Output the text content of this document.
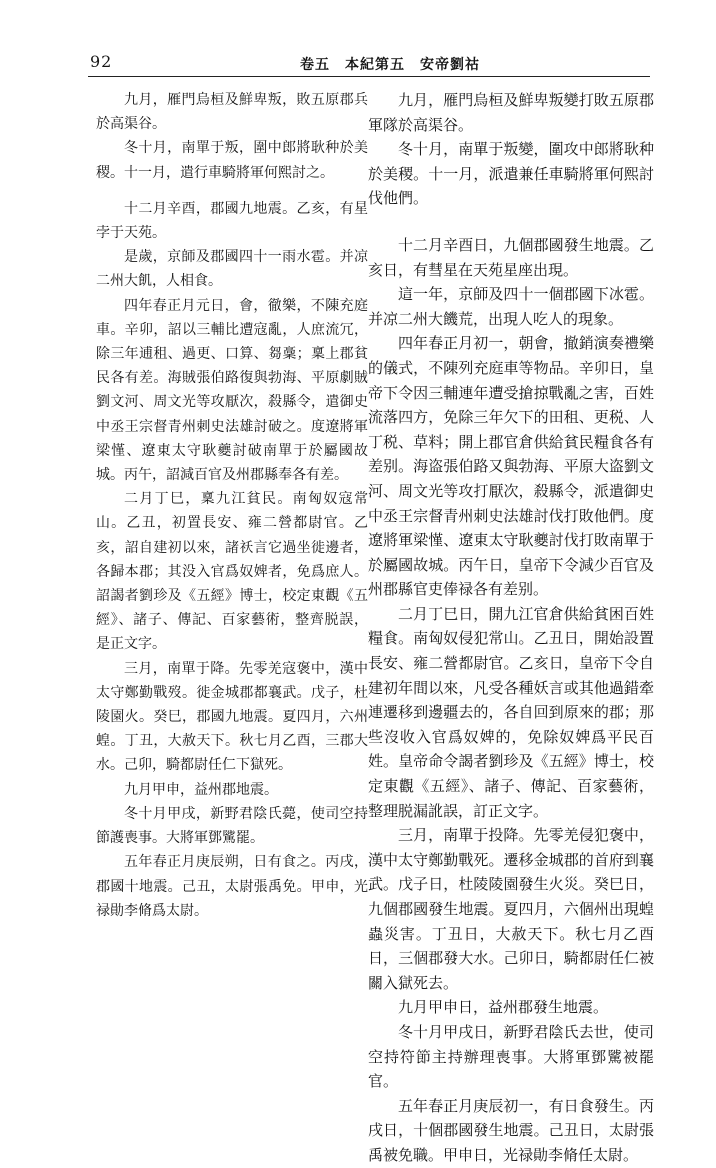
92	卷五　本紀第五　安帝劉祜

九月，雁門烏桓及鮮卑叛，敗五原郡兵於高渠谷。

冬十月，南單于叛，圍中郎將耿种於美稷。十一月，遣行車騎將軍何熙討之。

十二月辛酉，郡國九地震。乙亥，有星孛于天苑。

是歲，京師及郡國四十一雨水雹。并凉二州大飢，人相食。

四年春正月元日，會，徹樂，不陳充庭車。辛卯，詔以三輔比遭寇亂，人庶流冗，除三年逋租、過更、口算、芻稾；稟上郡貧民各有差。海賊張伯路復與勃海、平原劇賊劉文河、周文光等攻厭次，殺縣令，遣御史中丞王宗督青州刺史法雄討破之。度遼將軍梁慬、遼東太守耿夔討破南單于於屬國故城。丙午，詔減百官及州郡縣奉各有差。

二月丁巳，稟九江貧民。南匈奴寇常山。乙丑，初置長安、雍二營都尉官。乙亥，詔自建初以來，諸祅言它過坐徙邊者，各歸本郡；其没入官爲奴婢者，免爲庶人。詔謁者劉珍及《五經》博士，校定東觀《五經》、諸子、傳記、百家藝術，整齊脱誤，是正文字。

三月，南單于降。先零羌寇褒中，漢中太守鄭勤戰歿。徙金城郡都襄武。戊子，杜陵園火。癸巳，郡國九地震。夏四月，六州蝗。丁丑，大赦天下。秋七月乙酉，三郡大水。己卯，騎都尉任仁下獄死。

九月甲申，益州郡地震。

冬十月甲戌，新野君陰氏薨，使司空持節護喪事。大將軍鄧騭罷。

五年春正月庚辰朔，日有食之。丙戌，郡國十地震。己丑，太尉張禹免。甲申，光禄勛李脩爲太尉。

九月，雁門烏桓及鮮卑叛變打敗五原郡軍隊於高渠谷。

冬十月，南單于叛變，圍攻中郎將耿种於美稷。十一月，派遣兼任車騎將軍何熙討伐他們。

十二月辛酉日，九個郡國發生地震。乙亥日，有彗星在天苑星座出現。

這一年，京師及四十一個郡國下冰雹。并凉二州大饑荒，出現人吃人的現象。

四年春正月初一，朝會，撤銷演奏禮樂的儀式，不陳列充庭車等物品。辛卯日，皇帝下令因三輔連年遭受搶掠戰亂之害，百姓流落四方，免除三年欠下的田租、更税、人丁税、草料；開上郡官倉供給貧民糧食各有差别。海盗張伯路又與勃海、平原大盗劉文河、周文光等攻打厭次，殺縣令，派遣御史中丞王宗督青州刺史法雄討伐打敗他們。度遼將軍梁慬、遼東太守耿夔討伐打敗南單于於屬國故城。丙午日，皇帝下令減少百官及州郡縣官吏俸禄各有差别。

二月丁巳日，開九江官倉供給貧困百姓糧食。南匈奴侵犯常山。乙丑日，開始設置長安、雍二營都尉官。乙亥日，皇帝下令自建初年間以來，凡受各種妖言或其他過錯牽連遷移到邊疆去的，各自回到原來的郡；那些沒收入官爲奴婢的，免除奴婢爲平民百姓。皇帝命令謁者劉珍及《五經》博士，校定東觀《五經》、諸子、傳記、百家藝術，整理脱漏訛誤，訂正文字。

三月，南單于投降。先零羌侵犯褒中，漢中太守鄭勤戰死。遷移金城郡的首府到襄武。戊子日，杜陵陵園發生火災。癸巳日，九個郡國發生地震。夏四月，六個州出現蝗蟲災害。丁丑日，大赦天下。秋七月乙酉日，三個郡發大水。己卯日，騎都尉任仁被關入獄死去。

九月甲申日，益州郡發生地震。

冬十月甲戌日，新野君陰氏去世，使司空持符節主持辦理喪事。大將軍鄧騭被罷官。

五年春正月庚辰初一，有日食發生。丙戌日，十個郡國發生地震。己丑日，太尉張禹被免職。甲申日，光禄勛李脩任太尉。
